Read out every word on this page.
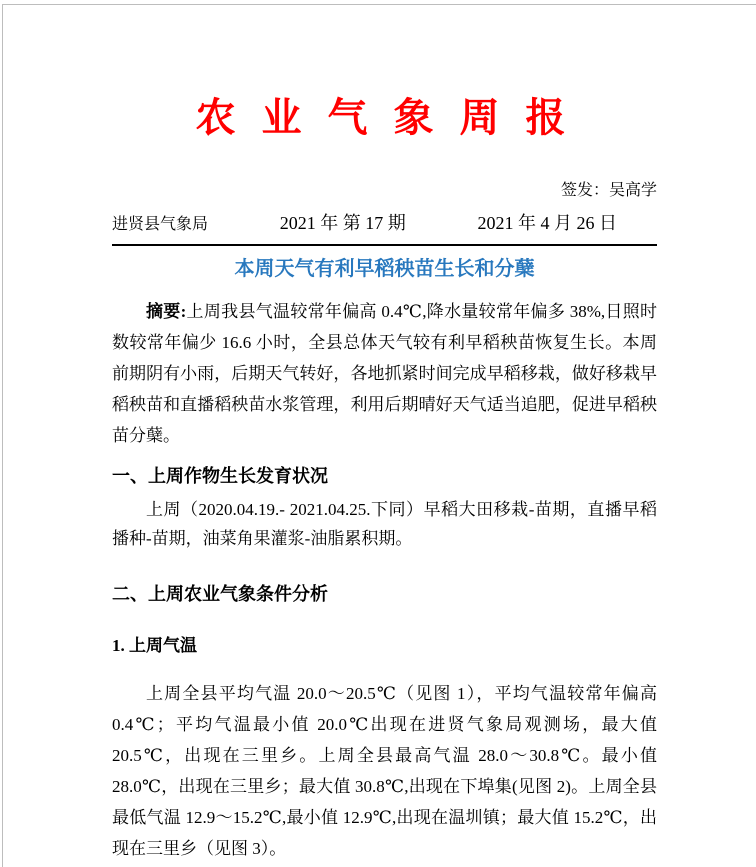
农 业 气 象 周 报
签发：吴高学
进贤县气象局	2021 年 第 17 期	2021 年 4 月 26 日
本周天气有利早稻秧苗生长和分蘖

摘要:上周我县气温较常年偏高 0.4℃,降水量较常年偏多 38%,日照时数较常年偏少 16.6 小时，全县总体天气较有利早稻秧苗恢复生长。本周前期阴有小雨，后期天气转好，各地抓紧时间完成早稻移栽，做好移栽早稻秧苗和直播稻秧苗水浆管理，利用后期晴好天气适当追肥，促进早稻秧苗分蘖。

一、上周作物生长发育状况

上周（2020.04.19.- 2021.04.25.下同）早稻大田移栽-苗期，直播早稻播种-苗期，油菜角果灌浆-油脂累积期。

二、上周农业气象条件分析
1. 上周气温

上周全县平均气温 20.0～20.5℃（见图 1），平均气温较常年偏高 0.4℃；平均气温最小值 20.0℃出现在进贤气象局观测场，最大值 20.5℃，出现在三里乡。上周全县最高气温 28.0～30.8℃。最小值 28.0℃，出现在三里乡；最大值 30.8℃,出现在下埠集(见图 2)。上周全县最低气温 12.9～15.2℃,最小值 12.9℃,出现在温圳镇；最大值 15.2℃，出现在三里乡（见图 3）。
